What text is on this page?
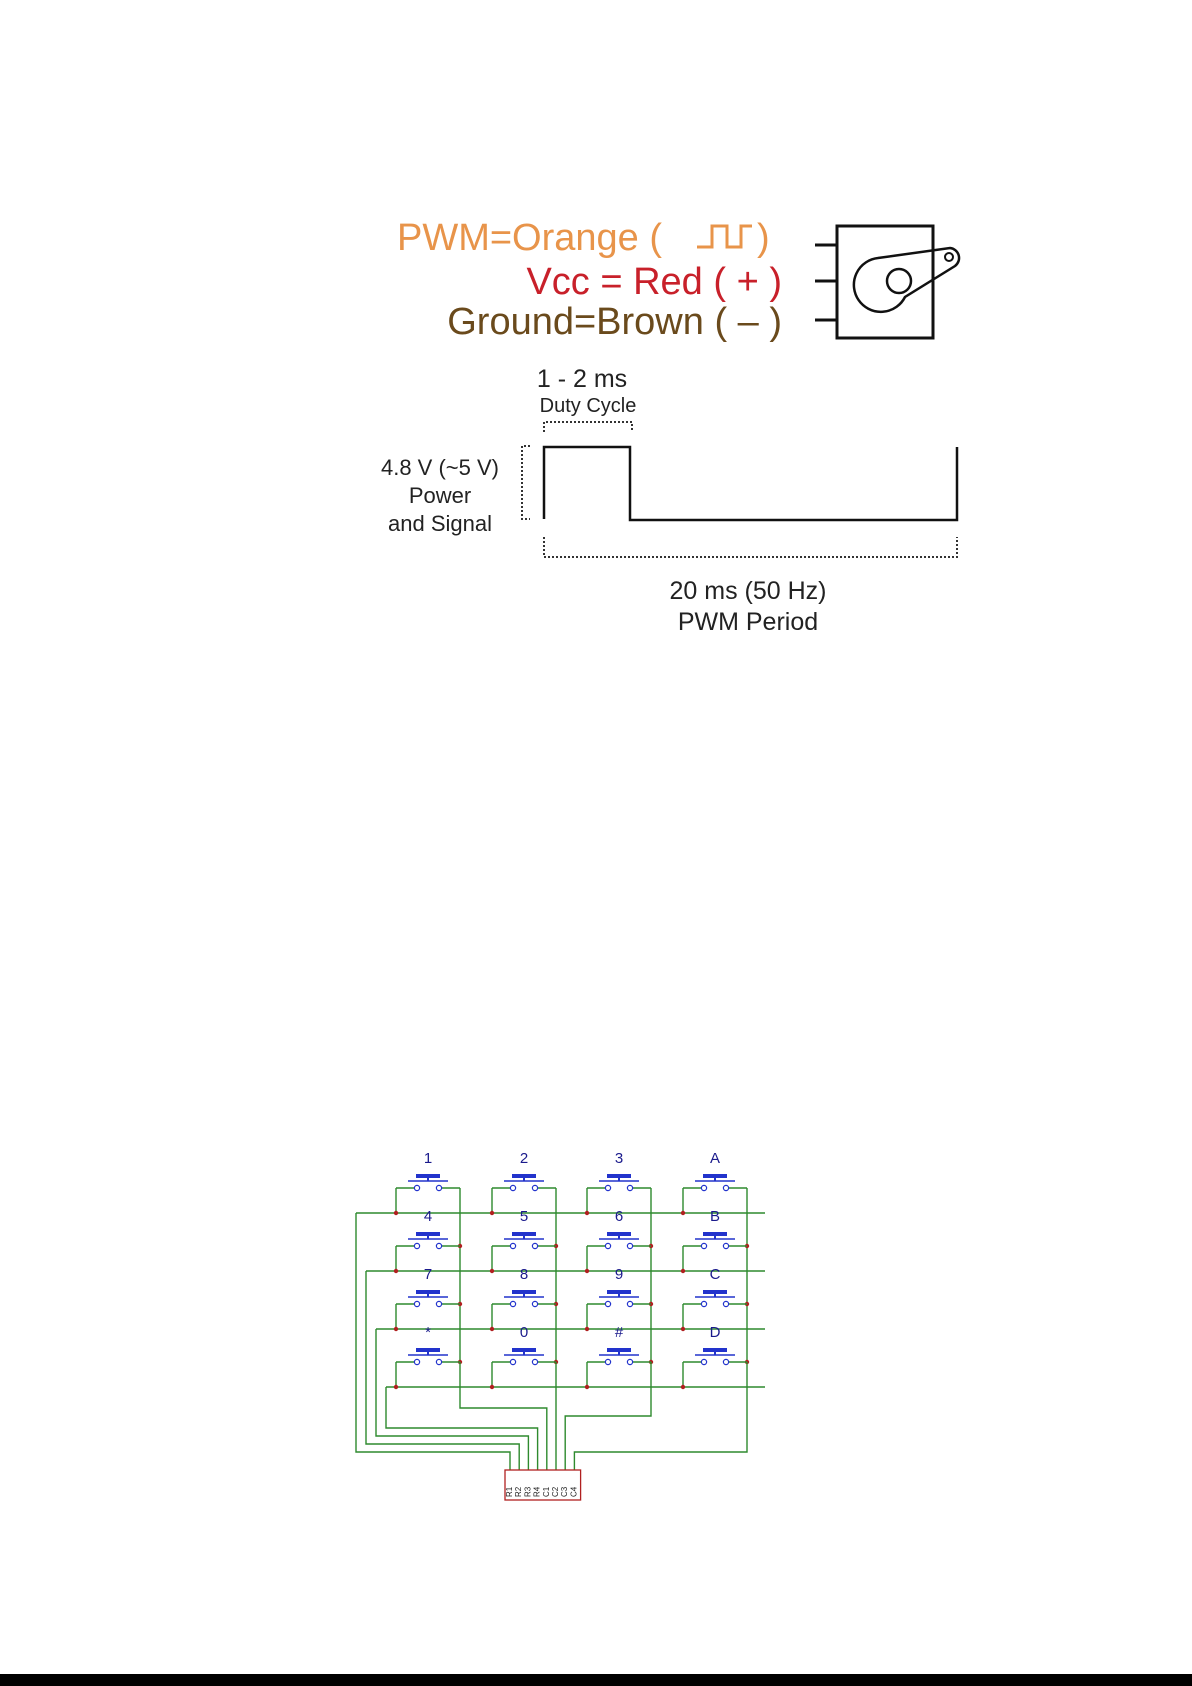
PWM=Orange ( )
Vcc = Red ( + )
Ground=Brown ( – )
1 - 2 ms
Duty Cycle
4.8 V (~5 V)
Power
and Signal
20 ms (50 Hz)
PWM Period
1	2	3	A
4	5	6	B
7	8	9	C
*	0	#	D
R1 R2 R3 R4 C1 C2 C3 C4
